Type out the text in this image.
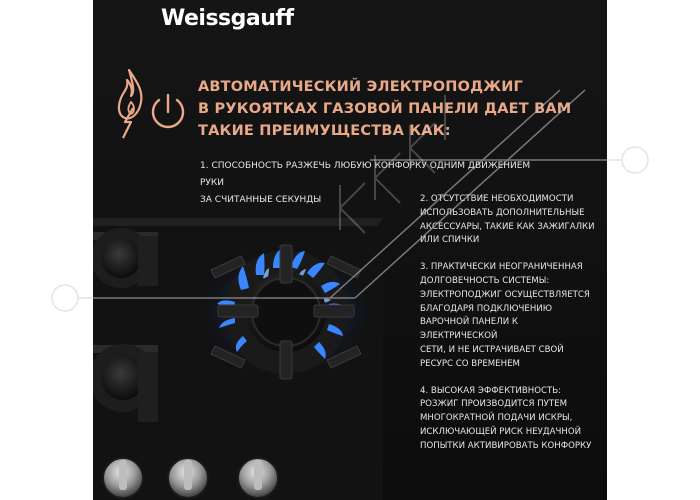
Weissgauff
АВТОМАТИЧЕСКИЙ ЭЛЕКТРОПОДЖИГ
В РУКОЯТКАХ ГАЗОВОЙ ПАНЕЛИ ДАЕТ ВАМ
ТАКИЕ ПРЕИМУЩЕСТВА КАК:
1. СПОСОБНОСТЬ РАЗЖЕЧЬ ЛЮБУЮ КОНФОРКУ ОДНИМ ДВИЖЕНИЕМ РУКИ
ЗА СЧИТАННЫЕ СЕКУНДЫ	2. ОТСУТСТВИЕ НЕОБХОДИМОСТИ
ИСПОЛЬЗОВАТЬ ДОПОЛНИТЕЛЬНЫЕ
АКСЕССУАРЫ, ТАКИЕ КАК ЗАЖИГАЛКИ
ИЛИ СПИЧКИ
3. ПРАКТИЧЕСКИ НЕОГРАНИЧЕННАЯ
ДОЛГОВЕЧНОСТЬ СИСТЕМЫ:
ЭЛЕКТРОПОДЖИГ ОСУЩЕСТВЛЯЕТСЯ
БЛАГОДАРЯ ПОДКЛЮЧЕНИЮ
ВАРОЧНОЙ ПАНЕЛИ К ЭЛЕКТРИЧЕСКОЙ
СЕТИ, И НЕ ИСТРАЧИВАЕТ СВОЙ
РЕСУРС СО ВРЕМЕНЕМ
4. ВЫСОКАЯ ЭФФЕКТИВНОСТЬ:
РОЗЖИГ ПРОИЗВОДИТСЯ ПУТЕМ
МНОГОКРАТНОЙ ПОДАЧИ ИСКРЫ,
ИСКЛЮЧАЮЩЕЙ РИСК НЕУДАЧНОЙ
ПОПЫТКИ АКТИВИРОВАТЬ КОНФОРКУ
